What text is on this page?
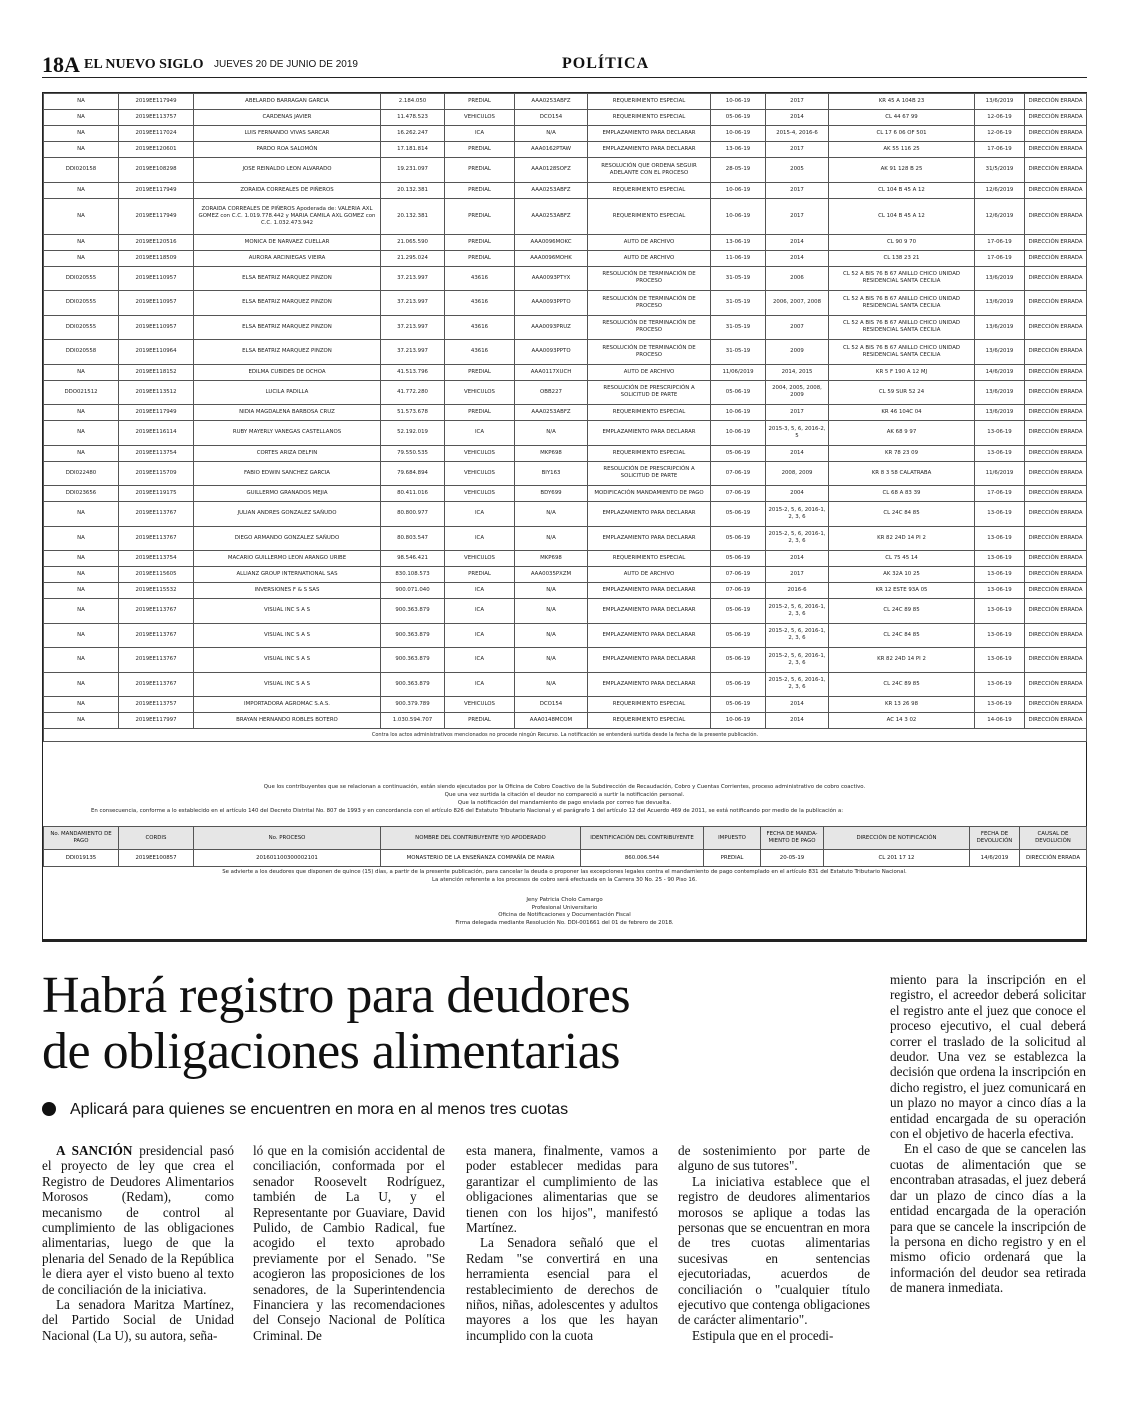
18A EL NUEVO SIGLO JUEVES 20 DE JUNIO DE 2019	POLÍTICA
NA	2019EE117949	ABELARDO BARRAGAN GARCIA	2.184.050	PREDIAL	AAA0253ABFZ	REQUERIMIENTO ESPECIAL	10-06-19	2017	KR 45 A 104B 23	13/6/2019	DIRECCIÓN ERRADA
NA	2019EE113757	CARDENAS JAVIER	11.478.523	VEHICULOS	DCO154	REQUERIMIENTO ESPECIAL	05-06-19	2014	CL 44 67 99	12-06-19	DIRECCIÓN ERRADA
NA	2019EE117024	LUIS FERNANDO VIVAS SARCAR	16.262.247	ICA	N/A	EMPLAZAMIENTO PARA DECLARAR	10-06-19	2015-4, 2016-6	CL 17 6 06 OF 501	12-06-19	DIRECCIÓN ERRADA
NA	2019EE120601	PARDO ROA SALOMÓN	17.181.814	PREDIAL	AAA0162PTAW	EMPLAZAMIENTO PARA DECLARAR	13-06-19	2017	AK 55 116 25	17-06-19	DIRECCIÓN ERRADA
DDI020158	2019EE108298	JOSE REINALDO LEON ALVARADO	19.231.097	PREDIAL	AAA0128SOFZ	RESOLUCIÓN QUE ORDENA SEGUIR ADELANTE CON EL PROCESO	28-05-19	2005	AK 91 128 B 25	31/5/2019	DIRECCIÓN ERRADA
NA	2019EE117949	ZORAIDA CORREALES DE PIÑEROS	20.132.381	PREDIAL	AAA0253ABFZ	REQUERIMIENTO ESPECIAL	10-06-19	2017	CL 104 B 45 A 12	12/6/2019	DIRECCIÓN ERRADA
NA	2019EE117949	ZORAIDA CORREALES DE PIÑEROS Apoderada de: VALERIA AXL GOMEZ con C.C. 1.019.778.442 y MARIA CAMILA AXL GOMEZ con C.C. 1.032.473.942	20.132.381	PREDIAL	AAA0253ABFZ	REQUERIMIENTO ESPECIAL	10-06-19	2017	CL 104 B 45 A 12	12/6/2019	DIRECCIÓN ERRADA
NA	2019EE120516	MONICA DE NARVAEZ CUELLAR	21.065.590	PREDIAL	AAA0096MOKC	AUTO DE ARCHIVO	13-06-19	2014	CL 90 9 70	17-06-19	DIRECCIÓN ERRADA
NA	2019EE118509	AURORA ARCINIEGAS VIEIRA	21.295.024	PREDIAL	AAA0096MOHK	AUTO DE ARCHIVO	11-06-19	2014	CL 138 23 21	17-06-19	DIRECCIÓN ERRADA
DDI020555	2019EE110957	ELSA BEATRIZ MARQUEZ PINZON	37.213.997	43616	AAA0093PTYX	RESOLUCIÓN DE TERMINACIÓN DE PROCESO	31-05-19	2006	CL 52 A BIS 76 B 67 ANILLO CHICO UNIDAD RESIDENCIAL SANTA CECILIA	13/6/2019	DIRECCIÓN ERRADA
DDI020555	2019EE110957	ELSA BEATRIZ MARQUEZ PINZON	37.213.997	43616	AAA0093PPTO	RESOLUCIÓN DE TERMINACIÓN DE PROCESO	31-05-19	2006, 2007, 2008	CL 52 A BIS 76 B 67 ANILLO CHICO UNIDAD RESIDENCIAL SANTA CECILIA	13/6/2019	DIRECCIÓN ERRADA
DDI020555	2019EE110957	ELSA BEATRIZ MARQUEZ PINZON	37.213.997	43616	AAA0093PRUZ	RESOLUCIÓN DE TERMINACIÓN DE PROCESO	31-05-19	2007	CL 52 A BIS 76 B 67 ANILLO CHICO UNIDAD RESIDENCIAL SANTA CECILIA	13/6/2019	DIRECCIÓN ERRADA
DDI020558	2019EE110964	ELSA BEATRIZ MARQUEZ PINZON	37.213.997	43616	AAA0093PPTO	RESOLUCIÓN DE TERMINACIÓN DE PROCESO	31-05-19	2009	CL 52 A BIS 76 B 67 ANILLO CHICO UNIDAD RESIDENCIAL SANTA CECILIA	13/6/2019	DIRECCIÓN ERRADA
NA	2019EE118152	EDILMA CUBIDES DE OCHOA	41.513.796	PREDIAL	AAA0117XUCH	AUTO DE ARCHIVO	11/06/2019	2014, 2015	KR 5 F 190 A 12 MJ	14/6/2019	DIRECCIÓN ERRADA
DDO021512	2019EE113512	LUCILA PADILLA	41.772.280	VEHICULOS	OBB227	RESOLUCIÓN DE PRESCRIPCIÓN A SOLICITUD DE PARTE	05-06-19	2004, 2005, 2008, 2009	CL 59 SUR 52 24	13/6/2019	DIRECCIÓN ERRADA
NA	2019EE117949	NIDIA MAGDALENA BARBOSA CRUZ	51.573.678	PREDIAL	AAA0253ABFZ	REQUERIMIENTO ESPECIAL	10-06-19	2017	KR 46 104C 04	13/6/2019	DIRECCIÓN ERRADA
NA	2019EE116114	RUBY MAYERLY VANEGAS CASTELLANOS	52.192.019	ICA	N/A	EMPLAZAMIENTO PARA DECLARAR	10-06-19	2015-3, 5, 6, 2016-2, 5	AK 68 9 97	13-06-19	DIRECCIÓN ERRADA
NA	2019EE113754	CORTES ARIZA DELFIN	79.550.535	VEHICULOS	MKP698	REQUERIMIENTO ESPECIAL	05-06-19	2014	KR 78 23 09	13-06-19	DIRECCIÓN ERRADA
DDI022480	2019EE115709	FABIO EDWIN SANCHEZ GARCIA	79.684.894	VEHICULOS	BIY163	RESOLUCIÓN DE PRESCRIPCIÓN A SOLICITUD DE PARTE	07-06-19	2008, 2009	KR 8 3 58 CALATRABA	11/6/2019	DIRECCIÓN ERRADA
DDI023656	2019EE119175	GUILLERMO GRANADOS MEJIA	80.411.016	VEHICULOS	BDY699	MODIFICACIÓN MANDAMIENTO DE PAGO	07-06-19	2004	CL 68 A 83 39	17-06-19	DIRECCIÓN ERRADA
NA	2019EE113767	JULIAN ANDRES GONZALEZ SAÑUDO	80.800.977	ICA	N/A	EMPLAZAMIENTO PARA DECLARAR	05-06-19	2015-2, 5, 6, 2016-1, 2, 3, 6	CL 24C 84 85	13-06-19	DIRECCIÓN ERRADA
NA	2019EE113767	DIEGO ARMANDO GONZALEZ SAÑUDO	80.803.547	ICA	N/A	EMPLAZAMIENTO PARA DECLARAR	05-06-19	2015-2, 5, 6, 2016-1, 2, 3, 6	KR 82 24D 14 PI 2	13-06-19	DIRECCIÓN ERRADA
NA	2019EE113754	MACARIO GUILLERMO LEON ARANGO URIBE	98.546.421	VEHICULOS	MKP698	REQUERIMIENTO ESPECIAL	05-06-19	2014	CL 75 45 14	13-06-19	DIRECCIÓN ERRADA
NA	2019EE115605	ALLIANZ GROUP INTERNATIONAL SAS	830.108.573	PREDIAL	AAA0035PXZM	AUTO DE ARCHIVO	07-06-19	2017	AK 32A 10 25	13-06-19	DIRECCIÓN ERRADA
NA	2019EE115532	INVERSIONES F & S SAS	900.071.040	ICA	N/A	EMPLAZAMIENTO PARA DECLARAR	07-06-19	2016-6	KR 12 ESTE 93A 05	13-06-19	DIRECCIÓN ERRADA
NA	2019EE113767	VISUAL INC S A S	900.363.879	ICA	N/A	EMPLAZAMIENTO PARA DECLARAR	05-06-19	2015-2, 5, 6, 2016-1, 2, 3, 6	CL 24C 89 85	13-06-19	DIRECCIÓN ERRADA
NA	2019EE113767	VISUAL INC S A S	900.363.879	ICA	N/A	EMPLAZAMIENTO PARA DECLARAR	05-06-19	2015-2, 5, 6, 2016-1, 2, 3, 6	CL 24C 84 85	13-06-19	DIRECCIÓN ERRADA
NA	2019EE113767	VISUAL INC S A S	900.363.879	ICA	N/A	EMPLAZAMIENTO PARA DECLARAR	05-06-19	2015-2, 5, 6, 2016-1, 2, 3, 6	KR 82 24D 14 PI 2	13-06-19	DIRECCIÓN ERRADA
NA	2019EE113767	VISUAL INC S A S	900.363.879	ICA	N/A	EMPLAZAMIENTO PARA DECLARAR	05-06-19	2015-2, 5, 6, 2016-1, 2, 3, 6	CL 24C 89 85	13-06-19	DIRECCIÓN ERRADA
NA	2019EE113757	IMPORTADORA AGROMAC S.A.S.	900.379.789	VEHICULOS	DCO154	REQUERIMIENTO ESPECIAL	05-06-19	2014	KR 13 26 98	13-06-19	DIRECCIÓN ERRADA
NA	2019EE117997	BRAYAN HERNANDO ROBLES BOTERO	1.030.594.707	PREDIAL	AAA0148MCOM	REQUERIMIENTO ESPECIAL	10-06-19	2014	AC 14 3 02	14-06-19	DIRECCIÓN ERRADA
Contra los actos administrativos mencionados no procede ningún Recurso. La notificación se entenderá surtida desde la fecha de la presente publicación.											

Que los contribuyentes que se relacionan a continuación, están siendo ejecutados por la Oficina de Cobro Coactivo de la Subdirección de Recaudación, Cobro y Cuentas Corrientes, proceso administrativo de cobro coactivo.

Que una vez surtida la citación el deudor no compareció a surtir la notificación personal.

Que la notificación del mandamiento de pago enviada por correo fue devuelta.

En consecuencia, conforme a lo establecido en el artículo 140 del Decreto Distrital No. 807 de 1993 y en concordancia con el artículo 826 del Estatuto Tributario Nacional y el parágrafo 1 del artículo 12 del Acuerdo 469 de 2011, se está notificando por medio de la publicación a:

No. MANDAMIENTO DE PAGO	CORDIS	No. PROCESO	NOMBRE DEL CONTRIBUYENTE Y/O APODERADO	IDENTIFICACIÓN DEL CONTRIBUYENTE	IMPUESTO	FECHA DE MANDA- MIENTO DE PAGO	DIRECCIÓN DE NOTIFICACIÓN	FECHA DE DEVOLUCIÓN	CAUSAL DE DEVOLUCIÓN
DDI019135	2019EE100857	201601100300002101	MONASTERIO DE LA ENSEÑANZA COMPAÑÍA DE MARIA	860.006.544	PREDIAL	20-05-19	CL 201 17 12	14/6/2019	DIRECCIÓN ERRADA

Se advierte a los deudores que disponen de quince (15) días, a partir de la presente publicación, para cancelar la deuda o proponer las excepciones legales contra el mandamiento de pago contemplado en el artículo 831 del Estatuto Tributario Nacional.

La atención referente a los procesos de cobro será efectuada en la Carrera 30 No. 25 - 90 Piso 16.

Jeny Patricia Cholo Camargo

Profesional Universitario

Oficina de Notificaciones y Documentación Fiscal

Firma delegada mediante Resolución No. DDI-001661 del 01 de febrero de 2018.

Habrá registro para deudores
de obligaciones alimentarias
Aplicará para quienes se encuentren en mora en al menos tres cuotas

A SANCIÓN presidencial pasó el proyecto de ley que crea el Registro de Deudores Alimentarios Morosos (Redam), como mecanismo de control al cumplimiento de las obligaciones alimentarias, luego de que la plenaria del Senado de la República le diera ayer el visto bueno al texto de conciliación de la iniciativa.

La senadora Maritza Martínez, del Partido Social de Unidad Nacional (La U), su autora, seña-

ló que en la comisión accidental de conciliación, conformada por el senador Roosevelt Rodríguez, también de La U, y el Representante por Guaviare, David Pulido, de Cambio Radical, fue acogido el texto aprobado previamente por el Senado. "Se acogieron las proposiciones de los senadores, de la Superintendencia Financiera y las recomendaciones del Consejo Nacional de Política Criminal. De

esta manera, finalmente, vamos a poder establecer medidas para garantizar el cumplimiento de las obligaciones alimentarias que se tienen con los hijos", manifestó Martínez.

La Senadora señaló que el Redam "se convertirá en una herramienta esencial para el restablecimiento de derechos de niños, niñas, adolescentes y adultos mayores a los que les hayan incumplido con la cuota

de sostenimiento por parte de alguno de sus tutores".

La iniciativa establece que el registro de deudores alimentarios morosos se aplique a todas las personas que se encuentran en mora de tres cuotas alimentarias sucesivas en sentencias ejecutoriadas, acuerdos de conciliación o "cualquier título ejecutivo que contenga obligaciones de carácter alimentario".

Estipula que en el procedi-

miento para la inscripción en el registro, el acreedor deberá solicitar el registro ante el juez que conoce el proceso ejecutivo, el cual deberá correr el traslado de la solicitud al deudor. Una vez se establezca la decisión que ordena la inscripción en dicho registro, el juez comunicará en un plazo no mayor a cinco días a la entidad encargada de su operación con el objetivo de hacerla efectiva.

En el caso de que se cancelen las cuotas de alimentación que se encontraban atrasadas, el juez deberá dar un plazo de cinco días a la entidad encargada de la operación para que se cancele la inscripción de la persona en dicho registro y en el mismo oficio ordenará que la información del deudor sea retirada de manera inmediata.
